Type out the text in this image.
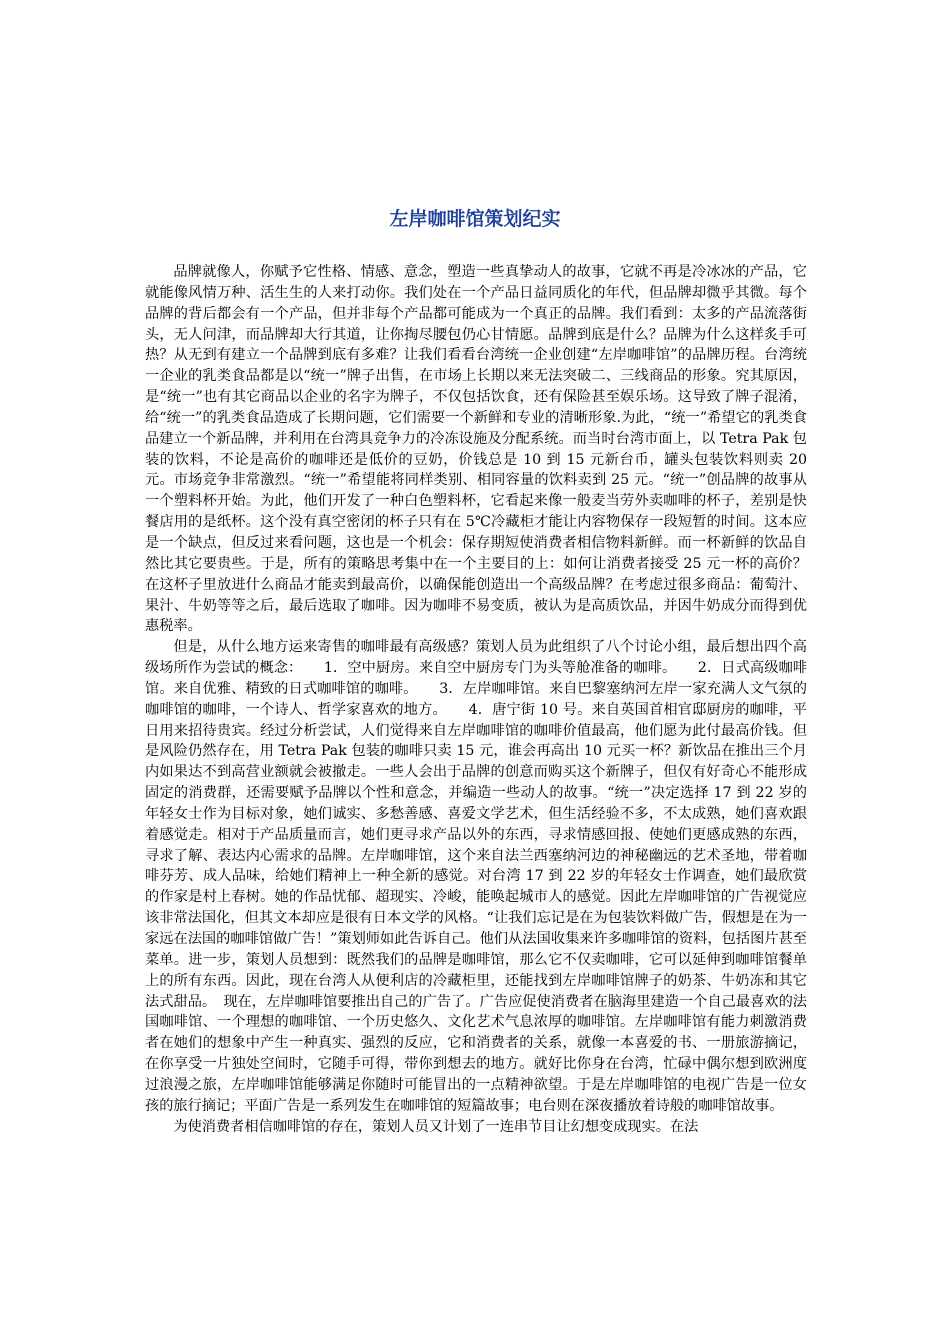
左岸咖啡馆策划纪实

品牌就像人，你赋予它性格、情感、意念，塑造一些真挚动人的故事，它就不再是冷冰冰的产品，它就能像风情万种、活生生的人来打动你。我们处在一个产品日益同质化的年代，但品牌却微乎其微。每个品牌的背后都会有一个产品，但并非每个产品都可能成为一个真正的品牌。我们看到：太多的产品流落街头，无人问津，而品牌却大行其道，让你掏尽腰包仍心甘情愿。品牌到底是什么？品牌为什么这样炙手可热？从无到有建立一个品牌到底有多难？让我们看看台湾统一企业创建“左岸咖啡馆”的品牌历程。台湾统一企业的乳类食品都是以“统一”牌子出售，在市场上长期以来无法突破二、三线商品的形象。究其原因，是“统一”也有其它商品以企业的名字为牌子，不仅包括饮食，还有保险甚至娱乐场。这导致了牌子混淆，给“统一”的乳类食品造成了长期问题，它们需要一个新鲜和专业的清晰形象.为此，“统一”希望它的乳类食品建立一个新品牌，并利用在台湾具竞争力的冷冻设施及分配系统。而当时台湾市面上，以 Tetra Pak 包装的饮料，不论是高价的咖啡还是低价的豆奶，价钱总是 10 到 15 元新台币，罐头包装饮料则卖 20 元。市场竞争非常激烈。“统一”希望能将同样类别、相同容量的饮料卖到 25 元。“统一”创品牌的故事从一个塑料杯开始。为此，他们开发了一种白色塑料杯，它看起来像一般麦当劳外卖咖啡的杯子，差别是快餐店用的是纸杯。这个没有真空密闭的杯子只有在 5℃冷藏柜才能让内容物保存一段短暂的时间。这本应是一个缺点，但反过来看问题，这也是一个机会：保存期短使消费者相信物料新鲜。而一杯新鲜的饮品自然比其它要贵些。于是，所有的策略思考集中在一个主要目的上：如何让消费者接受 25 元一杯的高价？在这杯子里放进什么商品才能卖到最高价，以确保能创造出一个高级品牌？在考虑过很多商品：葡萄汁、果汁、牛奶等等之后，最后选取了咖啡。因为咖啡不易变质，被认为是高质饮品，并因牛奶成分而得到优惠税率。

但是，从什么地方运来寄售的咖啡最有高级感？策划人员为此组织了八个讨论小组，最后想出四个高级场所作为尝试的概念：　　1．空中厨房。来自空中厨房专门为头等舱准备的咖啡。　　2．日式高级咖啡馆。来自优雅、精致的日式咖啡馆的咖啡。　　3．左岸咖啡馆。来自巴黎塞纳河左岸一家充满人文气氛的咖啡馆的咖啡，一个诗人、哲学家喜欢的地方。　　4．唐宁街 10 号。来自英国首相官邸厨房的咖啡，平日用来招待贵宾。经过分析尝试，人们觉得来自左岸咖啡馆的咖啡价值最高，他们愿为此付最高价钱。但是风险仍然存在，用 Tetra Pak 包装的咖啡只卖 15 元，谁会再高出 10 元买一杯？新饮品在推出三个月内如果达不到高营业额就会被撤走。一些人会出于品牌的创意而购买这个新牌子，但仅有好奇心不能形成固定的消费群，还需要赋予品牌以个性和意念，并编造一些动人的故事。“统一”决定选择 17 到 22 岁的年轻女士作为目标对象，她们诚实、多愁善感、喜爱文学艺术，但生活经验不多，不太成熟，她们喜欢跟着感觉走。相对于产品质量而言，她们更寻求产品以外的东西，寻求情感回报、使她们更感成熟的东西，寻求了解、表达内心需求的品牌。左岸咖啡馆，这个来自法兰西塞纳河边的神秘幽远的艺术圣地，带着咖啡芬芳、成人品味，给她们精神上一种全新的感觉。对台湾 17 到 22 岁的年轻女士作调查，她们最欣赏的作家是村上春树。她的作品忧郁、超现实、冷峻，能唤起城市人的感觉。因此左岸咖啡馆的广告视觉应该非常法国化，但其文本却应是很有日本文学的风格。“让我们忘记是在为包装饮料做广告，假想是在为一家远在法国的咖啡馆做广告！”策划师如此告诉自己。他们从法国收集来许多咖啡馆的资料，包括图片甚至菜单。进一步，策划人员想到：既然我们的品牌是咖啡馆，那么它不仅卖咖啡，它可以延伸到咖啡馆餐单上的所有东西。因此，现在台湾人从便利店的冷藏柜里，还能找到左岸咖啡馆牌子的奶茶、牛奶冻和其它法式甜品。　现在，左岸咖啡馆要推出自己的广告了。广告应促使消费者在脑海里建造一个自己最喜欢的法国咖啡馆、一个理想的咖啡馆、一个历史悠久、文化艺术气息浓厚的咖啡馆。左岸咖啡馆有能力刺激消费者在她们的想象中产生一种真实、强烈的反应，它和消费者的关系，就像一本喜爱的书、一册旅游摘记，在你享受一片独处空间时，它随手可得，带你到想去的地方。就好比你身在台湾，忙碌中偶尔想到欧洲度过浪漫之旅，左岸咖啡馆能够满足你随时可能冒出的一点精神欲望。于是左岸咖啡馆的电视广告是一位女孩的旅行摘记；平面广告是一系列发生在咖啡馆的短篇故事；电台则在深夜播放着诗般的咖啡馆故事。

为使消费者相信咖啡馆的存在，策划人员又计划了一连串节目让幻想变成现实。在法
